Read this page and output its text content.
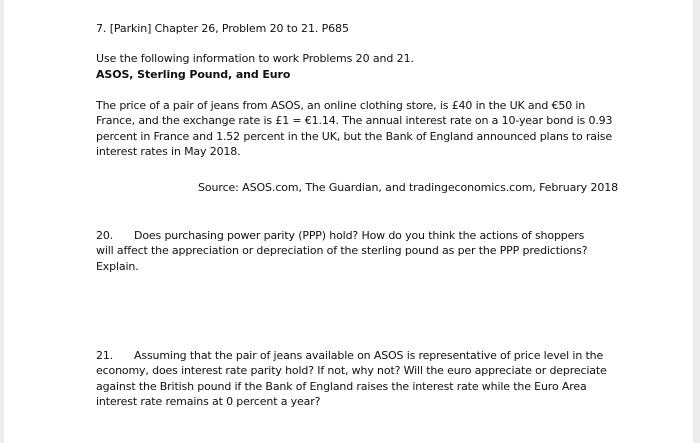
7. [Parkin] Chapter 26, Problem 20 to 21. P685
Use the following information to work Problems 20 and 21.
ASOS, Sterling Pound, and Euro
The price of a pair of jeans from ASOS, an online clothing store, is £40 in the UK and €50 in
France, and the exchange rate is £1 = €1.14. The annual interest rate on a 10-year bond is 0.93
percent in France and 1.52 percent in the UK, but the Bank of England announced plans to raise
interest rates in May 2018.
Source: ASOS.com, The Guardian, and tradingeconomics.com, February 2018
20. Does purchasing power parity (PPP) hold? How do you think the actions of shoppers
will affect the appreciation or depreciation of the sterling pound as per the PPP predictions?
Explain.
21. Assuming that the pair of jeans available on ASOS is representative of price level in the
economy, does interest rate parity hold? If not, why not? Will the euro appreciate or depreciate
against the British pound if the Bank of England raises the interest rate while the Euro Area
interest rate remains at 0 percent a year?
